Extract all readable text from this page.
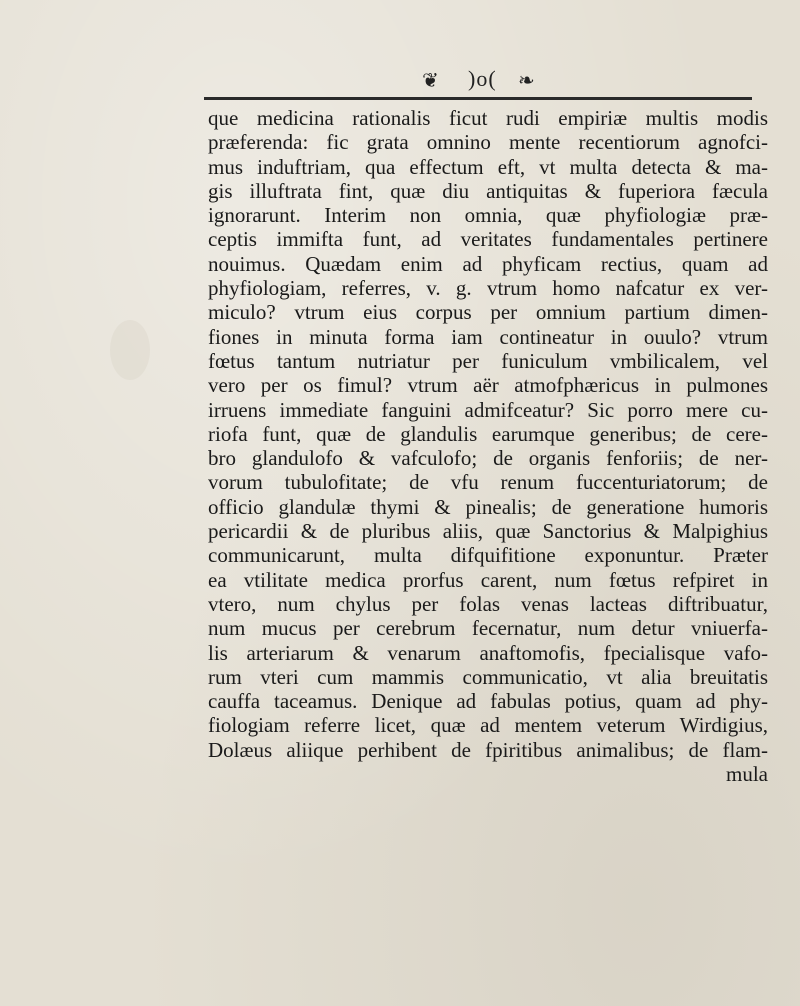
❦ )o( ❧
que medicina rationalis ficut rudi empiriæ multis modis
præferenda: fic grata omnino mente recentiorum agnofci-
mus induftriam, qua effectum eft, vt multa detecta & ma-
gis illuftrata fint, quæ diu antiquitas & fuperiora fæcula
ignorarunt. Interim non omnia, quæ phyfiologiæ præ-
ceptis immifta funt, ad veritates fundamentales pertinere
nouimus. Quædam enim ad phyficam rectius, quam ad
phyfiologiam, referres, v. g. vtrum homo nafcatur ex ver-
miculo? vtrum eius corpus per omnium partium dimen-
fiones in minuta forma iam contineatur in ouulo? vtrum
fœtus tantum nutriatur per funiculum vmbilicalem, vel
vero per os fimul? vtrum aër atmofphæricus in pulmones
irruens immediate fanguini admifceatur? Sic porro mere cu-
riofa funt, quæ de glandulis earumque generibus; de cere-
bro glandulofo & vafculofo; de organis fenforiis; de ner-
vorum tubulofitate; de vfu renum fuccenturiatorum; de
officio glandulæ thymi & pinealis; de generatione humoris
pericardii & de pluribus aliis, quæ Sanctorius & Malpighius
communicarunt, multa difquifitione exponuntur. Præter
ea vtilitate medica prorfus carent, num fœtus refpiret in
vtero, num chylus per folas venas lacteas diftribuatur,
num mucus per cerebrum fecernatur, num detur vniuerfa-
lis arteriarum & venarum anaftomofis, fpecialisque vafo-
rum vteri cum mammis communicatio, vt alia breuitatis
cauffa taceamus. Denique ad fabulas potius, quam ad phy-
fiologiam referre licet, quæ ad mentem veterum Wirdigius,
Dolæus aliique perhibent de fpiritibus animalibus; de flam-
mula
